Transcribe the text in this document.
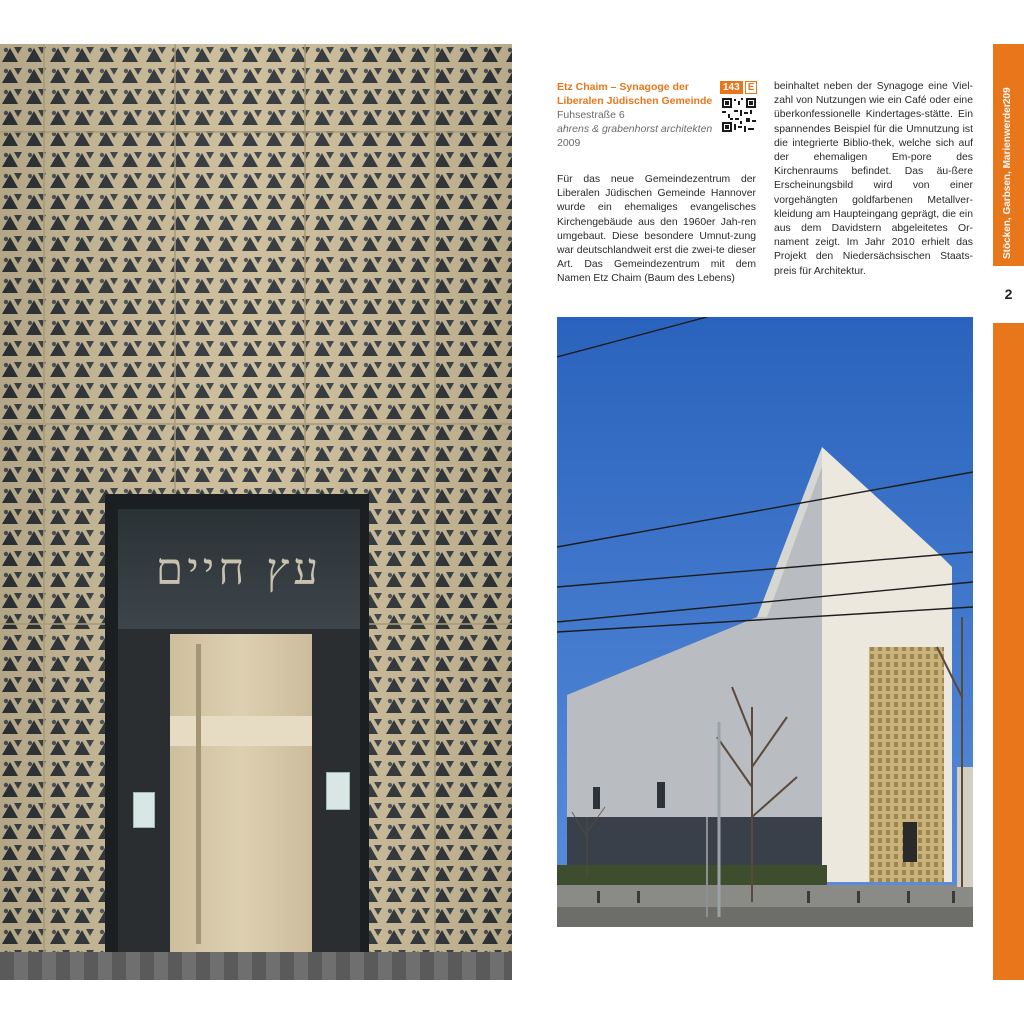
עץ חיים
Etz Chaim – Synagoge der
Liberalen Jüdischen Gemeinde
Fuhsestraße 6
ahrens & grabenhorst architekten
2009
143 E
Für das neue Gemeindezentrum der Liberalen Jüdischen Gemeinde Hannover wurde ein ehemaliges evangelisches Kirchengebäude aus den 1960er Jah-ren umgebaut. Diese besondere Umnut-zung war deutschlandweit erst die zwei-te dieser Art. Das Gemeindezentrum mit dem Namen Etz Chaim (Baum des Lebens)
beinhaltet neben der Synagoge eine Viel-zahl von Nutzungen wie ein Café oder eine überkonfessionelle Kindertages-stätte. Ein spannendes Beispiel für die Umnutzung ist die integrierte Biblio-thek, welche sich auf der ehemaligen Em-pore des Kirchenraums befindet. Das äu-ßere Erscheinungsbild wird von einer vorgehängten goldfarbenen Metallver-kleidung am Haupteingang geprägt, die ein aus dem Davidstern abgeleitetes Or-nament zeigt. Im Jahr 2010 erhielt das Projekt den Niedersächsischen Staats-preis für Architektur.
209
Stöcken, Garbsen, Marienwerder
2
